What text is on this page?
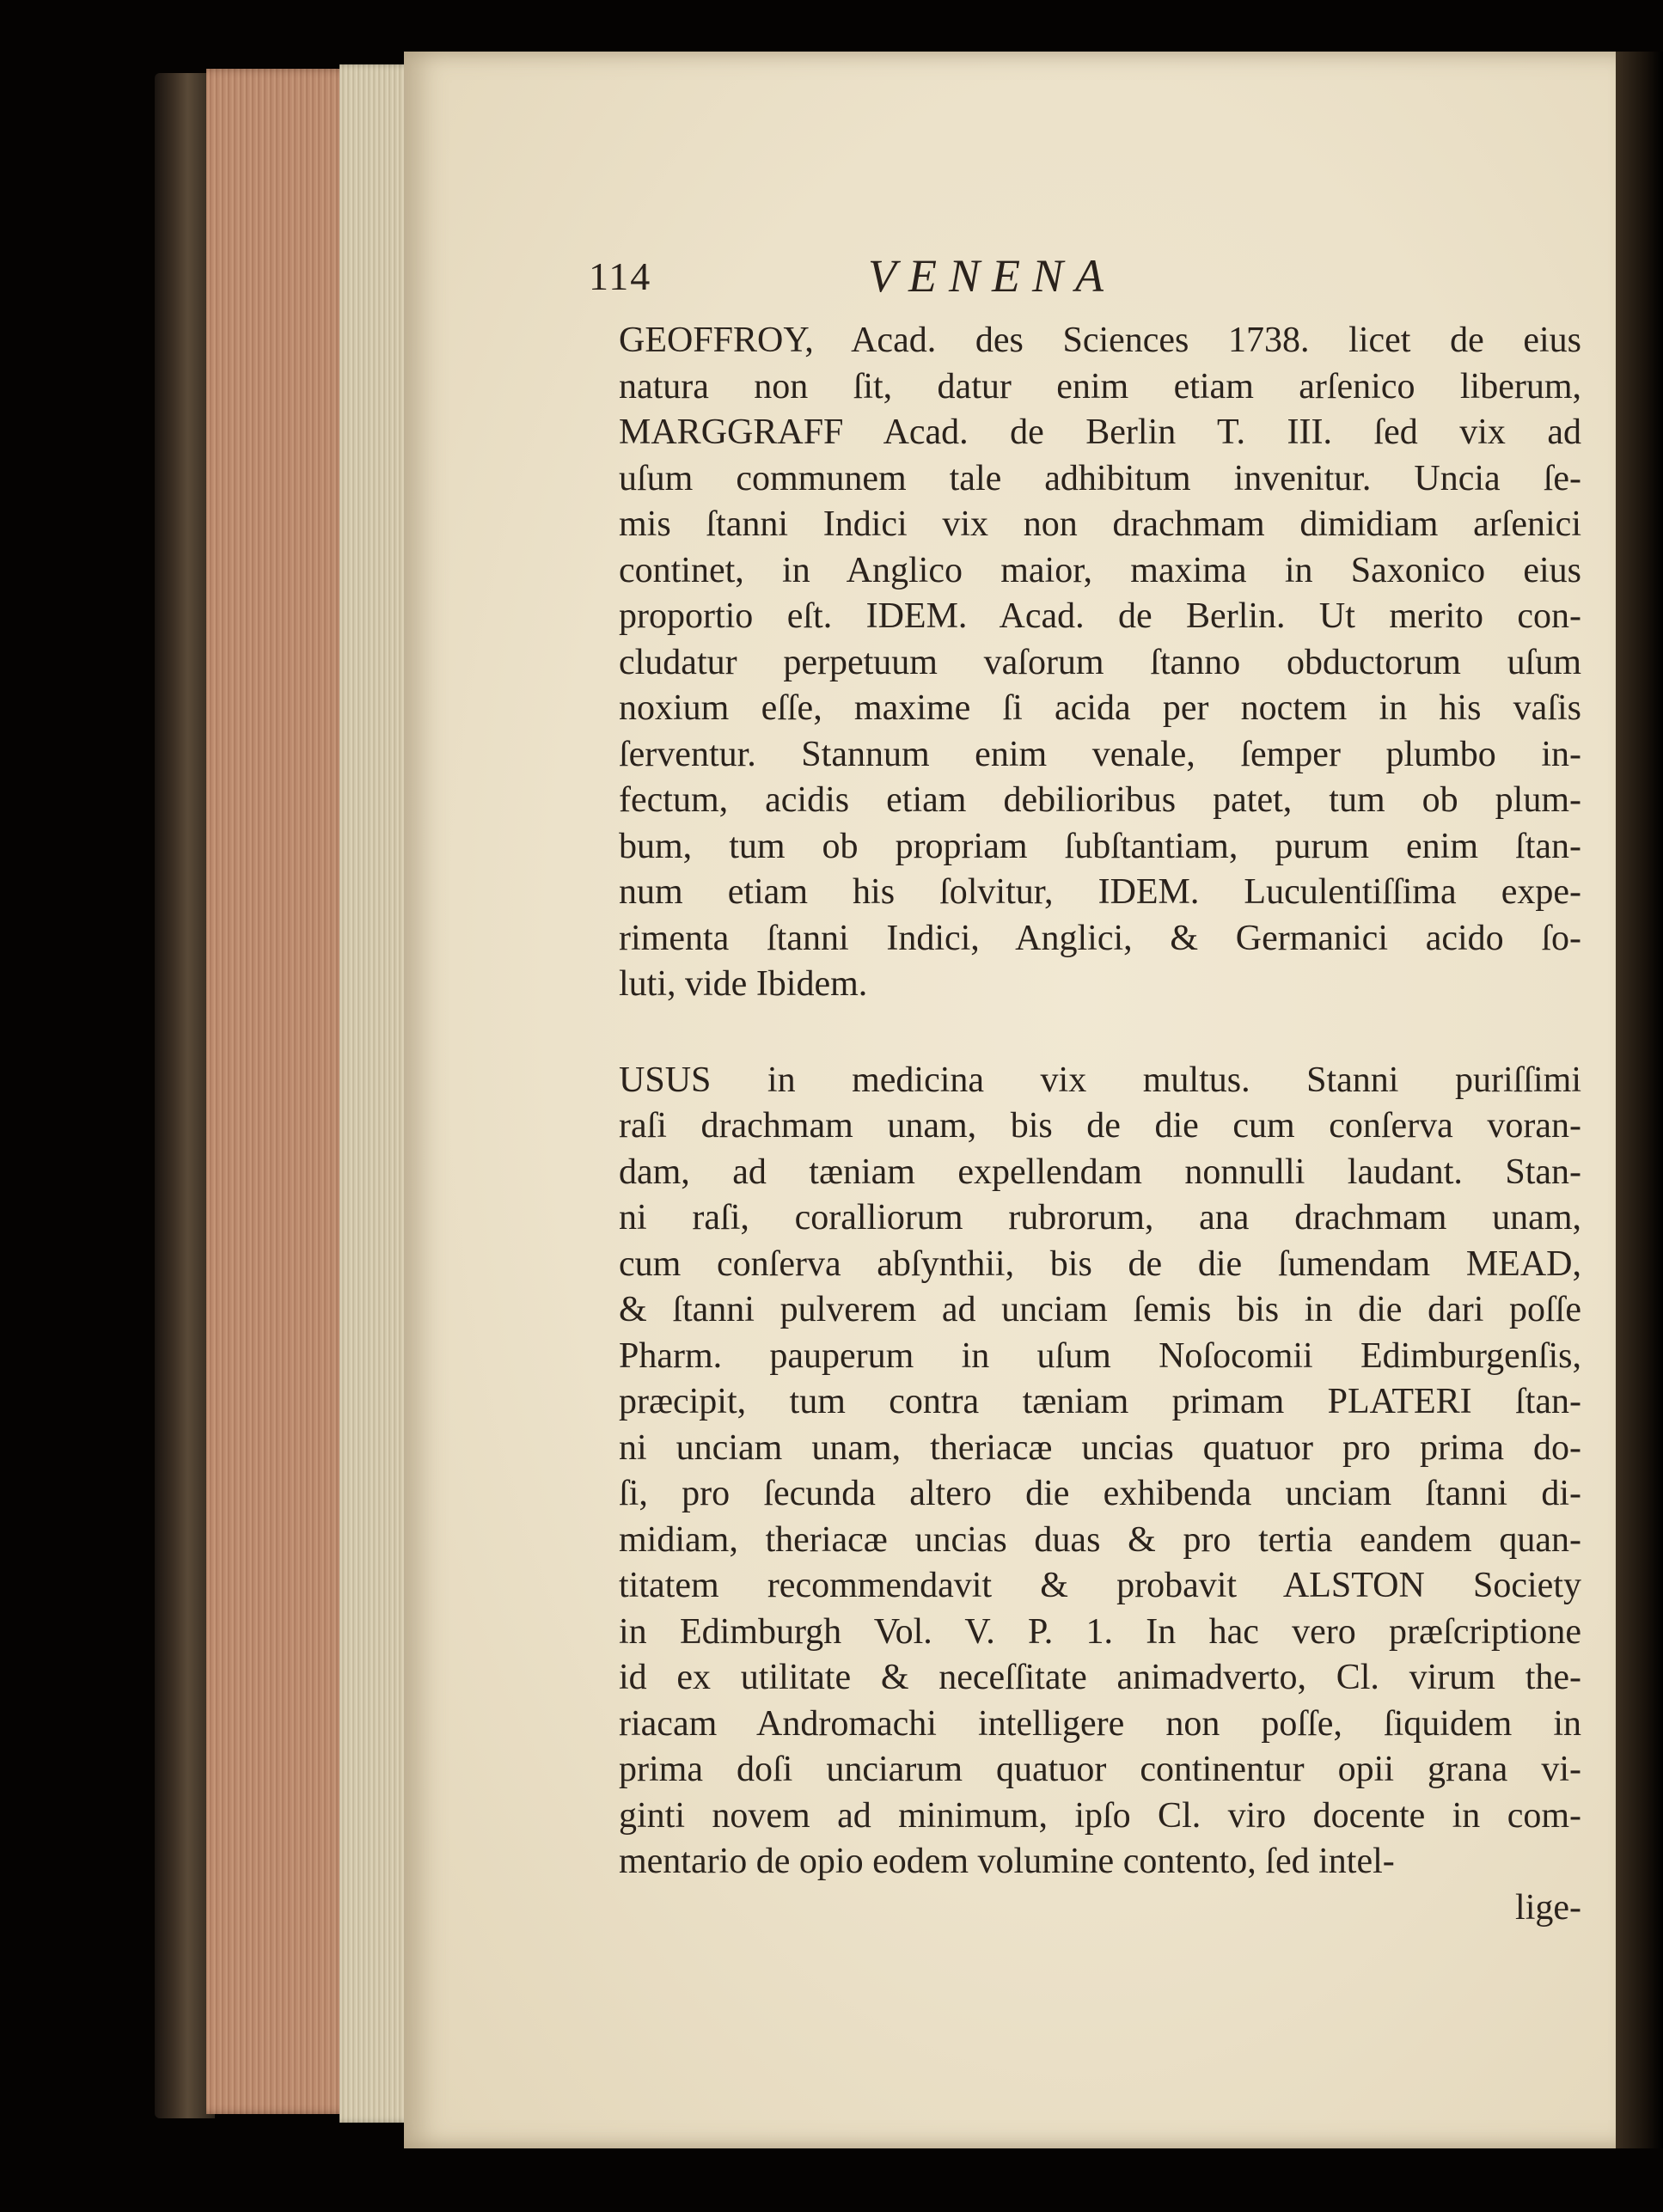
114	VENENA

GEOFFROY, Acad. des Sciences 1738. licet de eius
natura non ſit, datur enim etiam arſenico liberum,
MARGGRAFF Acad. de Berlin T. III. ſed vix ad
uſum communem tale adhibitum invenitur. Uncia ſe-
mis ſtanni Indici vix non drachmam dimidiam arſenici
continet, in Anglico maior, maxima in Saxonico eius
proportio eſt. IDEM. Acad. de Berlin. Ut merito con-
cludatur perpetuum vaſorum ſtanno obductorum uſum
noxium eſſe, maxime ſi acida per noctem in his vaſis
ſerventur. Stannum enim venale, ſemper plumbo in-
fectum, acidis etiam debilioribus patet, tum ob plum-
bum, tum ob propriam ſubſtantiam, purum enim ſtan-
num etiam his ſolvitur, IDEM. Luculentiſſima expe-
rimenta ſtanni Indici, Anglici, & Germanici acido ſo-
luti, vide Ibidem.

USUS in medicina vix multus. Stanni puriſſimi
raſi drachmam unam, bis de die cum conſerva voran-
dam, ad tæniam expellendam nonnulli laudant. Stan-
ni raſi, coralliorum rubrorum, ana drachmam unam,
cum conſerva abſynthii, bis de die ſumendam MEAD,
& ſtanni pulverem ad unciam ſemis bis in die dari poſſe
Pharm. pauperum in uſum Noſocomii Edimburgenſis,
præcipit, tum contra tæniam primam PLATERI ſtan-
ni unciam unam, theriacæ uncias quatuor pro prima do-
ſi, pro ſecunda altero die exhibenda unciam ſtanni di-
midiam, theriacæ uncias duas & pro tertia eandem quan-
titatem recommendavit & probavit ALSTON Society
in Edimburgh Vol. V. P. 1. In hac vero præſcriptione
id ex utilitate & neceſſitate animadverto, Cl. virum the-
riacam Andromachi intelligere non poſſe, ſiquidem in
prima doſi unciarum quatuor continentur opii grana vi-
ginti novem ad minimum, ipſo Cl. viro docente in com-
mentario de opio eodem volumine contento, ſed intel-

lige-
